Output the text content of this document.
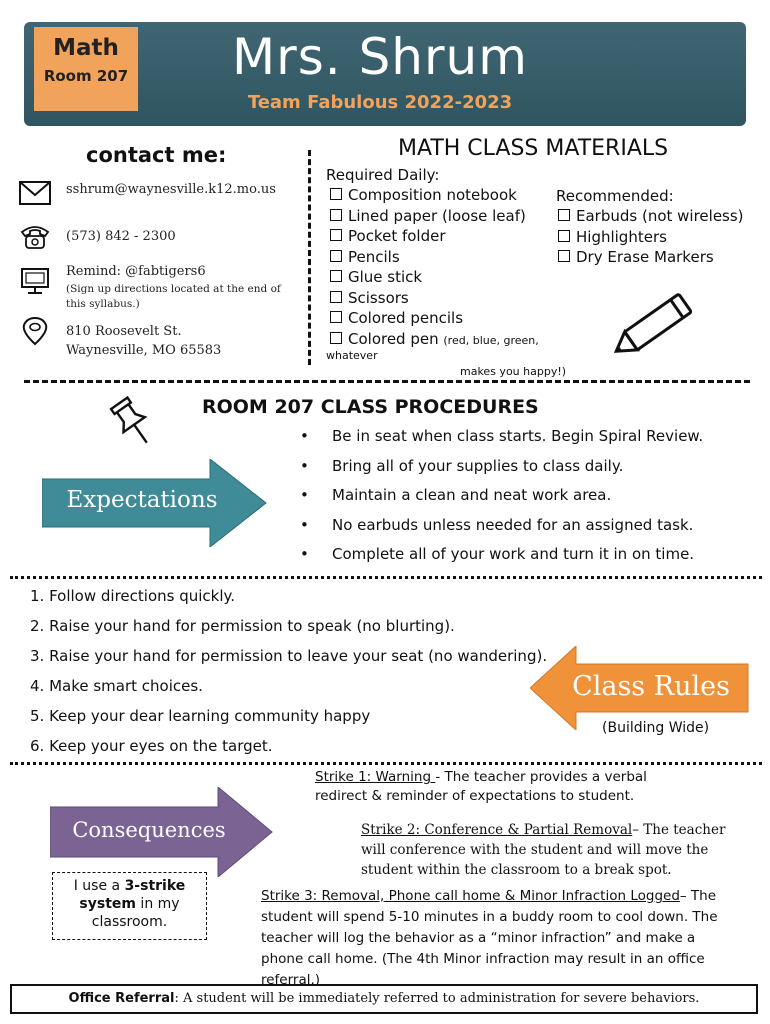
Math
Room 207	Mrs. Shrum
Team Fabulous 2022-2023
contact me:
sshrum@waynesville.k12.mo.us
(573) 842 - 2300
Remind: @fabtigers6
(Sign up directions located at the end of this syllabus.)
810 Roosevelt St.
Waynesville, MO 65583
MATH CLASS MATERIALS
Required Daily:
Composition notebook
Lined paper (loose leaf)
Pocket folder
Pencils
Glue stick
Scissors
Colored pencils
Colored pen (red, blue, green,
whatever
makes you happy!)
Recommended:
Earbuds (not wireless)
Highlighters
Dry Erase Markers
ROOM 207 CLASS PROCEDURES
Expectations
• Be in seat when class starts. Begin Spiral Review.
• Bring all of your supplies to class daily.
• Maintain a clean and neat work area.
• No earbuds unless needed for an assigned task.
• Complete all of your work and turn it in on time.
1. Follow directions quickly.
2. Raise your hand for permission to speak (no blurting).
3. Raise your hand for permission to leave your seat (no wandering).
4. Make smart choices.
5. Keep your dear learning community happy
6. Keep your eyes on the target.
Class Rules
(Building Wide)
Consequences
I use a 3-strike system in my classroom.
Strike 1: Warning - The teacher provides a verbal redirect & reminder of expectations to student.
Strike 2: Conference & Partial Removal– The teacher will conference with the student and will move the student within the classroom to a break spot.
Strike 3: Removal, Phone call home & Minor Infraction Logged– The student will spend 5-10 minutes in a buddy room to cool down. The teacher will log the behavior as a “minor infraction” and make a phone call home. (The 4th Minor infraction may result in an office referral.)
Office Referral: A student will be immediately referred to administration for severe behaviors.
